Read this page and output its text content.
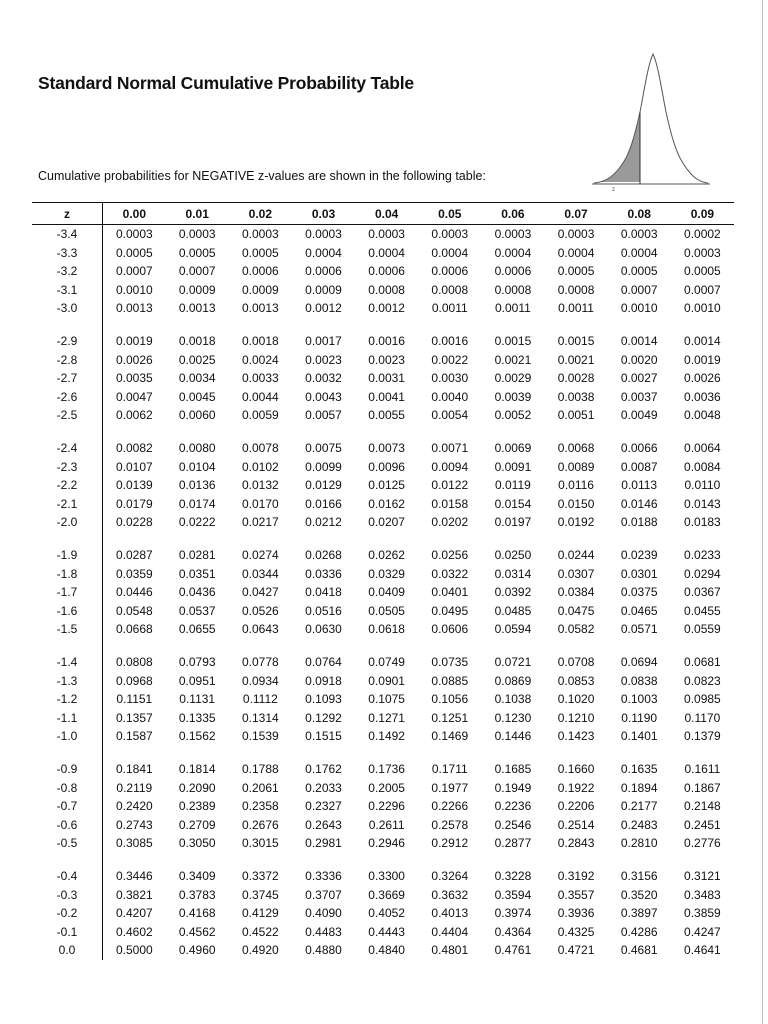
Standard Normal Cumulative Probability Table
z
Cumulative probabilities for NEGATIVE z-values are shown in the following table:
z	0.00	0.01	0.02	0.03	0.04	0.05	0.06	0.07	0.08	0.09
-3.4	0.0003	0.0003	0.0003	0.0003	0.0003	0.0003	0.0003	0.0003	0.0003	0.0002
-3.3	0.0005	0.0005	0.0005	0.0004	0.0004	0.0004	0.0004	0.0004	0.0004	0.0003
-3.2	0.0007	0.0007	0.0006	0.0006	0.0006	0.0006	0.0006	0.0005	0.0005	0.0005
-3.1	0.0010	0.0009	0.0009	0.0009	0.0008	0.0008	0.0008	0.0008	0.0007	0.0007
-3.0	0.0013	0.0013	0.0013	0.0012	0.0012	0.0011	0.0011	0.0011	0.0010	0.0010

-2.9	0.0019	0.0018	0.0018	0.0017	0.0016	0.0016	0.0015	0.0015	0.0014	0.0014
-2.8	0.0026	0.0025	0.0024	0.0023	0.0023	0.0022	0.0021	0.0021	0.0020	0.0019
-2.7	0.0035	0.0034	0.0033	0.0032	0.0031	0.0030	0.0029	0.0028	0.0027	0.0026
-2.6	0.0047	0.0045	0.0044	0.0043	0.0041	0.0040	0.0039	0.0038	0.0037	0.0036
-2.5	0.0062	0.0060	0.0059	0.0057	0.0055	0.0054	0.0052	0.0051	0.0049	0.0048

-2.4	0.0082	0.0080	0.0078	0.0075	0.0073	0.0071	0.0069	0.0068	0.0066	0.0064
-2.3	0.0107	0.0104	0.0102	0.0099	0.0096	0.0094	0.0091	0.0089	0.0087	0.0084
-2.2	0.0139	0.0136	0.0132	0.0129	0.0125	0.0122	0.0119	0.0116	0.0113	0.0110
-2.1	0.0179	0.0174	0.0170	0.0166	0.0162	0.0158	0.0154	0.0150	0.0146	0.0143
-2.0	0.0228	0.0222	0.0217	0.0212	0.0207	0.0202	0.0197	0.0192	0.0188	0.0183

-1.9	0.0287	0.0281	0.0274	0.0268	0.0262	0.0256	0.0250	0.0244	0.0239	0.0233
-1.8	0.0359	0.0351	0.0344	0.0336	0.0329	0.0322	0.0314	0.0307	0.0301	0.0294
-1.7	0.0446	0.0436	0.0427	0.0418	0.0409	0.0401	0.0392	0.0384	0.0375	0.0367
-1.6	0.0548	0.0537	0.0526	0.0516	0.0505	0.0495	0.0485	0.0475	0.0465	0.0455
-1.5	0.0668	0.0655	0.0643	0.0630	0.0618	0.0606	0.0594	0.0582	0.0571	0.0559

-1.4	0.0808	0.0793	0.0778	0.0764	0.0749	0.0735	0.0721	0.0708	0.0694	0.0681
-1.3	0.0968	0.0951	0.0934	0.0918	0.0901	0.0885	0.0869	0.0853	0.0838	0.0823
-1.2	0.1151	0.1131	0.1112	0.1093	0.1075	0.1056	0.1038	0.1020	0.1003	0.0985
-1.1	0.1357	0.1335	0.1314	0.1292	0.1271	0.1251	0.1230	0.1210	0.1190	0.1170
-1.0	0.1587	0.1562	0.1539	0.1515	0.1492	0.1469	0.1446	0.1423	0.1401	0.1379

-0.9	0.1841	0.1814	0.1788	0.1762	0.1736	0.1711	0.1685	0.1660	0.1635	0.1611
-0.8	0.2119	0.2090	0.2061	0.2033	0.2005	0.1977	0.1949	0.1922	0.1894	0.1867
-0.7	0.2420	0.2389	0.2358	0.2327	0.2296	0.2266	0.2236	0.2206	0.2177	0.2148
-0.6	0.2743	0.2709	0.2676	0.2643	0.2611	0.2578	0.2546	0.2514	0.2483	0.2451
-0.5	0.3085	0.3050	0.3015	0.2981	0.2946	0.2912	0.2877	0.2843	0.2810	0.2776

-0.4	0.3446	0.3409	0.3372	0.3336	0.3300	0.3264	0.3228	0.3192	0.3156	0.3121
-0.3	0.3821	0.3783	0.3745	0.3707	0.3669	0.3632	0.3594	0.3557	0.3520	0.3483
-0.2	0.4207	0.4168	0.4129	0.4090	0.4052	0.4013	0.3974	0.3936	0.3897	0.3859
-0.1	0.4602	0.4562	0.4522	0.4483	0.4443	0.4404	0.4364	0.4325	0.4286	0.4247
0.0	0.5000	0.4960	0.4920	0.4880	0.4840	0.4801	0.4761	0.4721	0.4681	0.4641
